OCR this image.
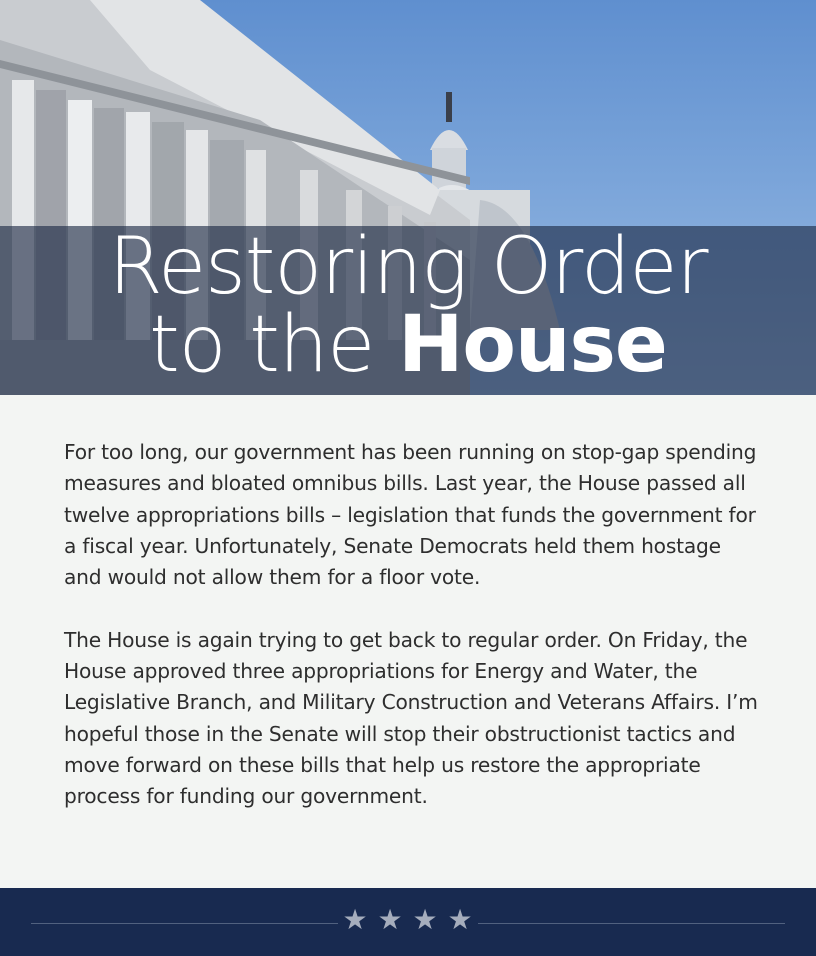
Restoring Order
to the House

For too long, our government has been running on stop-gap spending measures and bloated omnibus bills. Last year, the House passed all twelve appropriations bills – legislation that funds the government for a fiscal year. Unfortunately, Senate Democrats held them hostage and would not allow them for a floor vote.

The House is again trying to get back to regular order. On Friday, the House approved three appropriations for Energy and Water, the Legislative Branch, and Military Construction and Veterans Affairs. I’m hopeful those in the Senate will stop their obstructionist tactics and move forward on these bills that help us restore the appropriate process for funding our government.

★ ★ ★ ★
